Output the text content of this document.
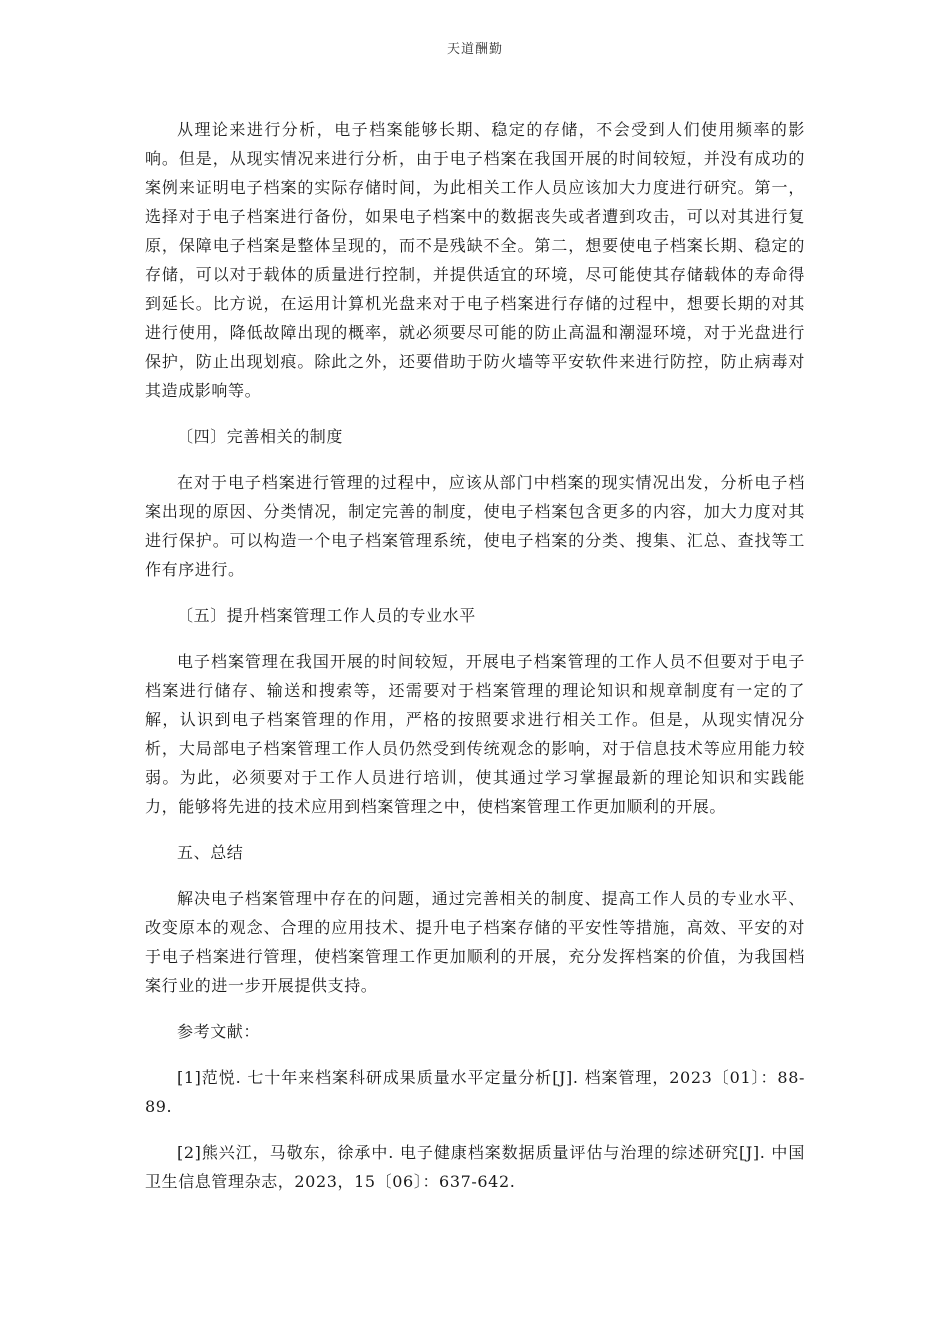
天道酬勤

从理论来进行分析，电子档案能够长期、稳定的存储，不会受到人们使用频率的影响。但是，从现实情况来进行分析，由于电子档案在我国开展的时间较短，并没有成功的案例来证明电子档案的实际存储时间，为此相关工作人员应该加大力度进行研究。第一，选择对于电子档案进行备份，如果电子档案中的数据丧失或者遭到攻击，可以对其进行复原，保障电子档案是整体呈现的，而不是残缺不全。第二，想要使电子档案长期、稳定的存储，可以对于载体的质量进行控制，并提供适宜的环境，尽可能使其存储载体的寿命得到延长。比方说，在运用计算机光盘来对于电子档案进行存储的过程中，想要长期的对其进行使用，降低故障出现的概率，就必须要尽可能的防止高温和潮湿环境，对于光盘进行保护，防止出现划痕。除此之外，还要借助于防火墙等平安软件来进行防控，防止病毒对其造成影响等。

〔四〕完善相关的制度

在对于电子档案进行管理的过程中，应该从部门中档案的现实情况出发，分析电子档案出现的原因、分类情况，制定完善的制度，使电子档案包含更多的内容，加大力度对其进行保护。可以构造一个电子档案管理系统，使电子档案的分类、搜集、汇总、查找等工作有序进行。

〔五〕提升档案管理工作人员的专业水平

电子档案管理在我国开展的时间较短，开展电子档案管理的工作人员不但要对于电子档案进行储存、输送和搜索等，还需要对于档案管理的理论知识和规章制度有一定的了解，认识到电子档案管理的作用，严格的按照要求进行相关工作。但是，从现实情况分析，大局部电子档案管理工作人员仍然受到传统观念的影响，对于信息技术等应用能力较弱。为此，必须要对于工作人员进行培训，使其通过学习掌握最新的理论知识和实践能力，能够将先进的技术应用到档案管理之中，使档案管理工作更加顺利的开展。

五、总结

解决电子档案管理中存在的问题，通过完善相关的制度、提高工作人员的专业水平、改变原本的观念、合理的应用技术、提升电子档案存储的平安性等措施，高效、平安的对于电子档案进行管理，使档案管理工作更加顺利的开展，充分发挥档案的价值，为我国档案行业的进一步开展提供支持。

参考文献：

[1]范悦. 七十年来档案科研成果质量水平定量分析[J]. 档案管理，2023〔01〕：88-89.

[2]熊兴江，马敬东，徐承中. 电子健康档案数据质量评估与治理的综述研究[J]. 中国卫生信息管理杂志，2023，15〔06〕：637-642.
